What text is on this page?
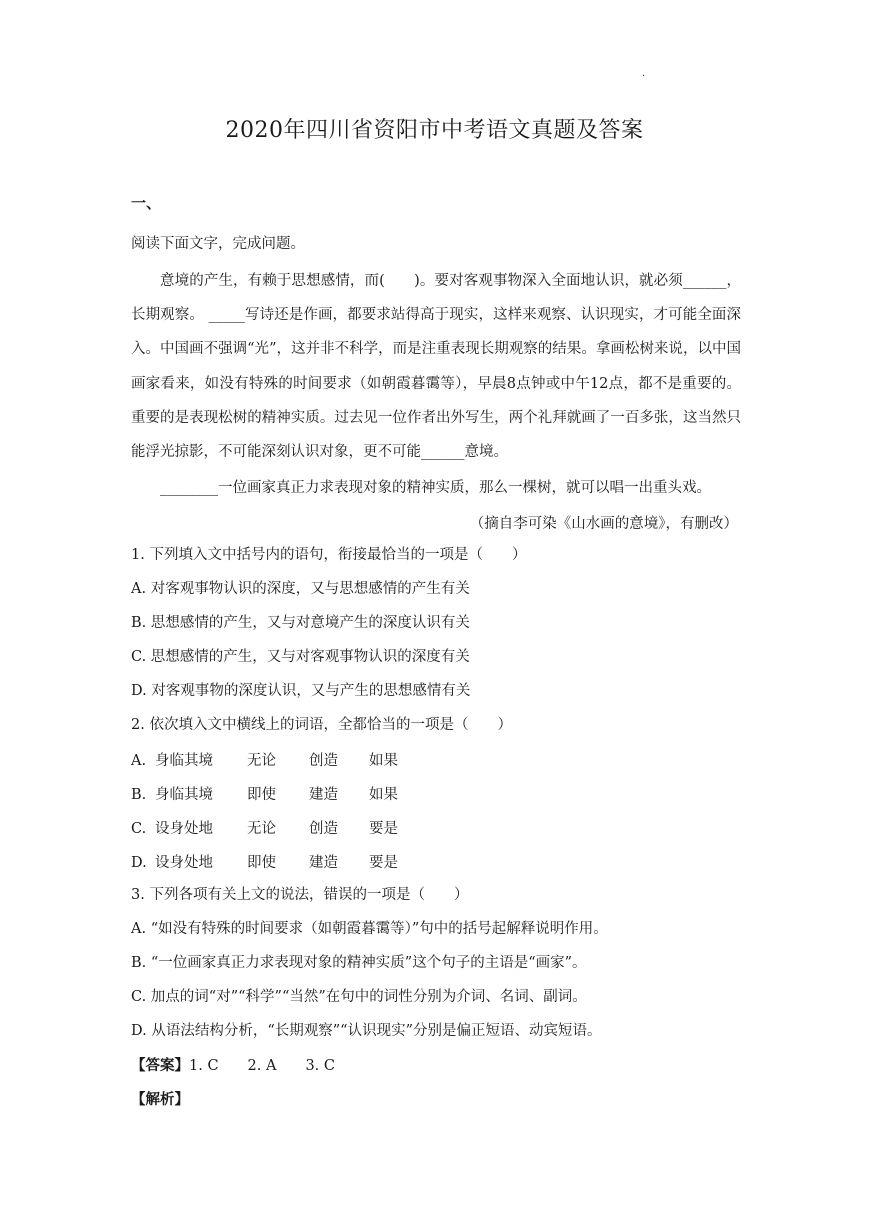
.
2020年四川省资阳市中考语文真题及答案
一、
阅读下面文字，完成问题。
意境的产生，有赖于思想感情，而(　　)。要对客观事物深入全面地认识，就必须______，长期观察。 _____写诗还是作画，都要求站得高于现实，这样来观察、认识现实，才可能全面深入。中国画不强调“光”，这并非不科学，而是注重表现长期观察的结果。拿画松树来说，以中国画家看来，如没有特殊的时间要求（如朝霞暮霭等），早晨8点钟或中午12点，都不是重要的。重要的是表现松树的精神实质。过去见一位作者出外写生，两个礼拜就画了一百多张，这当然只能浮光掠影，不可能深刻认识对象，更不可能______意境。
________一位画家真正力求表现对象的精神实质，那么一棵树，就可以唱一出重头戏。
（摘自李可染《山水画的意境》，有删改）
1. 下列填入文中括号内的语句，衔接最恰当的一项是（　　）
A. 对客观事物认识的深度，又与思想感情的产生有关
B. 思想感情的产生，又与对意境产生的深度认识有关
C. 思想感情的产生，又与对客观事物认识的深度有关
D. 对客观事物的深度认识，又与产生的思想感情有关
2. 依次填入文中横线上的词语，全都恰当的一项是（　　）
A. 身临其境 无论 创造 如果
B. 身临其境 即使 建造 如果
C. 设身处地 无论 创造 要是
D. 设身处地 即使 建造 要是
3. 下列各项有关上文的说法，错误的一项是（　　）
A. “如没有特殊的时间要求（如朝霞暮霭等）”句中的括号起解释说明作用。
B. “一位画家真正力求表现对象的精神实质”这个句子的主语是“画家”。
C. 加点的词“对”“科学”“当然”在句中的词性分别为介词、名词、副词。
D. 从语法结构分析，“长期观察”“认识现实”分别是偏正短语、动宾短语。
【答案】1. C　　2. A　　3. C
【解析】
